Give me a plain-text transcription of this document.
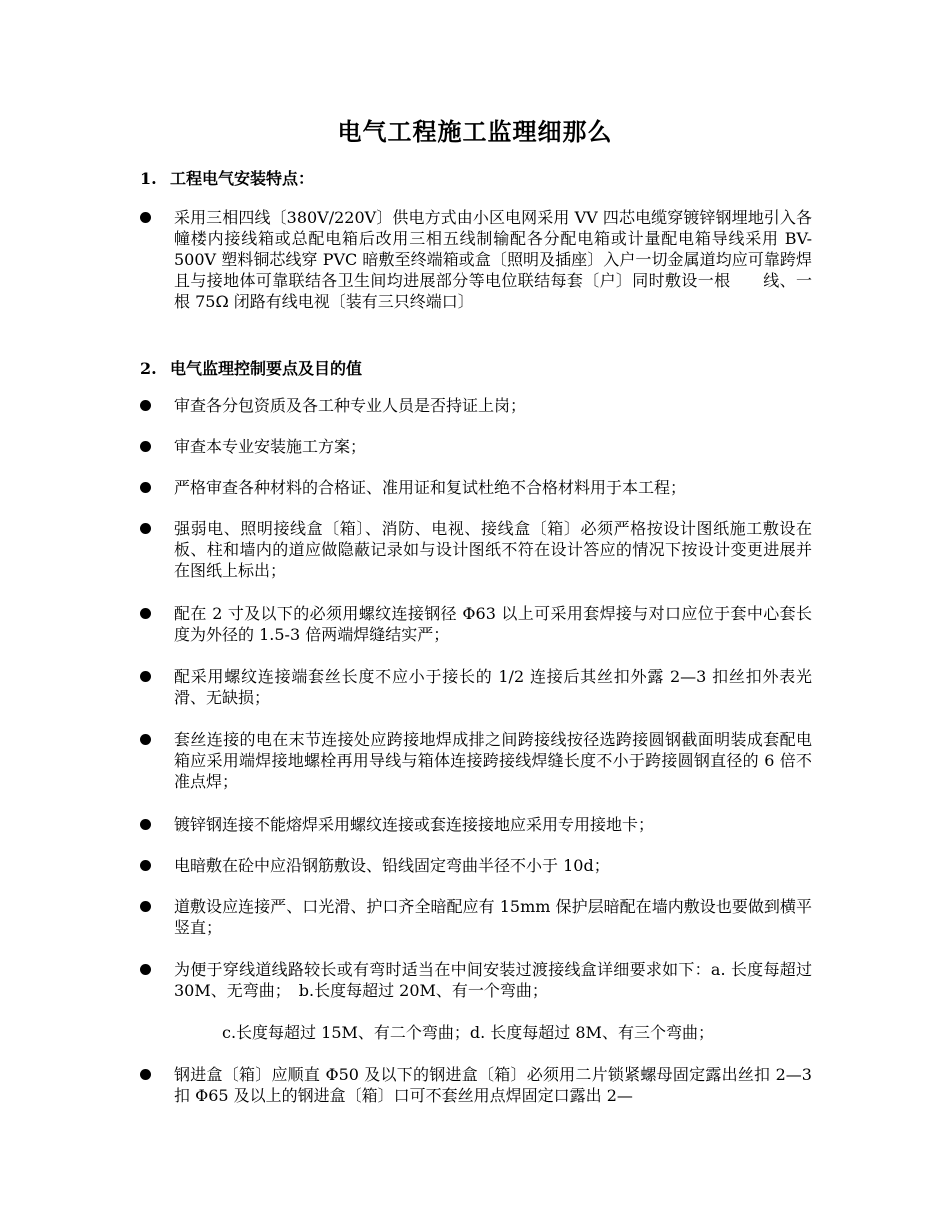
电气工程施工监理细那么
1. 工程电气安装特点：
采用三相四线〔380V/220V〕供电方式由小区电网采用 VV 四芯电缆穿镀锌钢埋地引入各幢楼内接线箱或总配电箱后改用三相五线制输配各分配电箱或计量配电箱导线采用 BV-500V 塑料铜芯线穿 PVC 暗敷至终端箱或盒〔照明及插座〕入户一切金属道均应可靠跨焊且与接地体可靠联结各卫生间均进展部分等电位联结每套〔户〕同时敷设一根　　线、一根 75Ω 闭路有线电视〔装有三只终端口〕
2. 电气监理控制要点及目的值
审查各分包资质及各工种专业人员是否持证上岗；
审查本专业安装施工方案；
严格审查各种材料的合格证、准用证和复试杜绝不合格材料用于本工程；
强弱电、照明接线盒〔箱〕、消防、电视、接线盒〔箱〕必须严格按设计图纸施工敷设在板、柱和墙内的道应做隐蔽记录如与设计图纸不符在设计答应的情况下按设计变更进展并在图纸上标出；
配在 2 寸及以下的必须用螺纹连接钢径 Φ63 以上可采用套焊接与对口应位于套中心套长度为外径的 1.5-3 倍两端焊缝结实严；
配采用螺纹连接端套丝长度不应小于接长的 1/2 连接后其丝扣外露 2—3 扣丝扣外表光滑、无缺损；
套丝连接的电在末节连接处应跨接地焊成排之间跨接线按径选跨接圆钢截面明装成套配电箱应采用端焊接地螺栓再用导线与箱体连接跨接线焊缝长度不小于跨接圆钢直径的 6 倍不准点焊；
镀锌钢连接不能熔焊采用螺纹连接或套连接接地应采用专用接地卡；
电暗敷在砼中应沿钢筋敷设、铅线固定弯曲半径不小于 10d；
道敷设应连接严、口光滑、护口齐全暗配应有 15mm 保护层暗配在墙内敷设也要做到横平竖直；
为便于穿线道线路较长或有弯时适当在中间安装过渡接线盒详细要求如下：a. 长度每超过 30M、无弯曲；　b.长度每超过 20M、有一个弯曲；
c.长度每超过 15M、有二个弯曲；d. 长度每超过 8M、有三个弯曲；
钢进盒〔箱〕应顺直 Φ50 及以下的钢进盒〔箱〕必须用二片锁紧螺母固定露出丝扣 2—3 扣 Φ65 及以上的钢进盒〔箱〕口可不套丝用点焊固定口露出 2—
